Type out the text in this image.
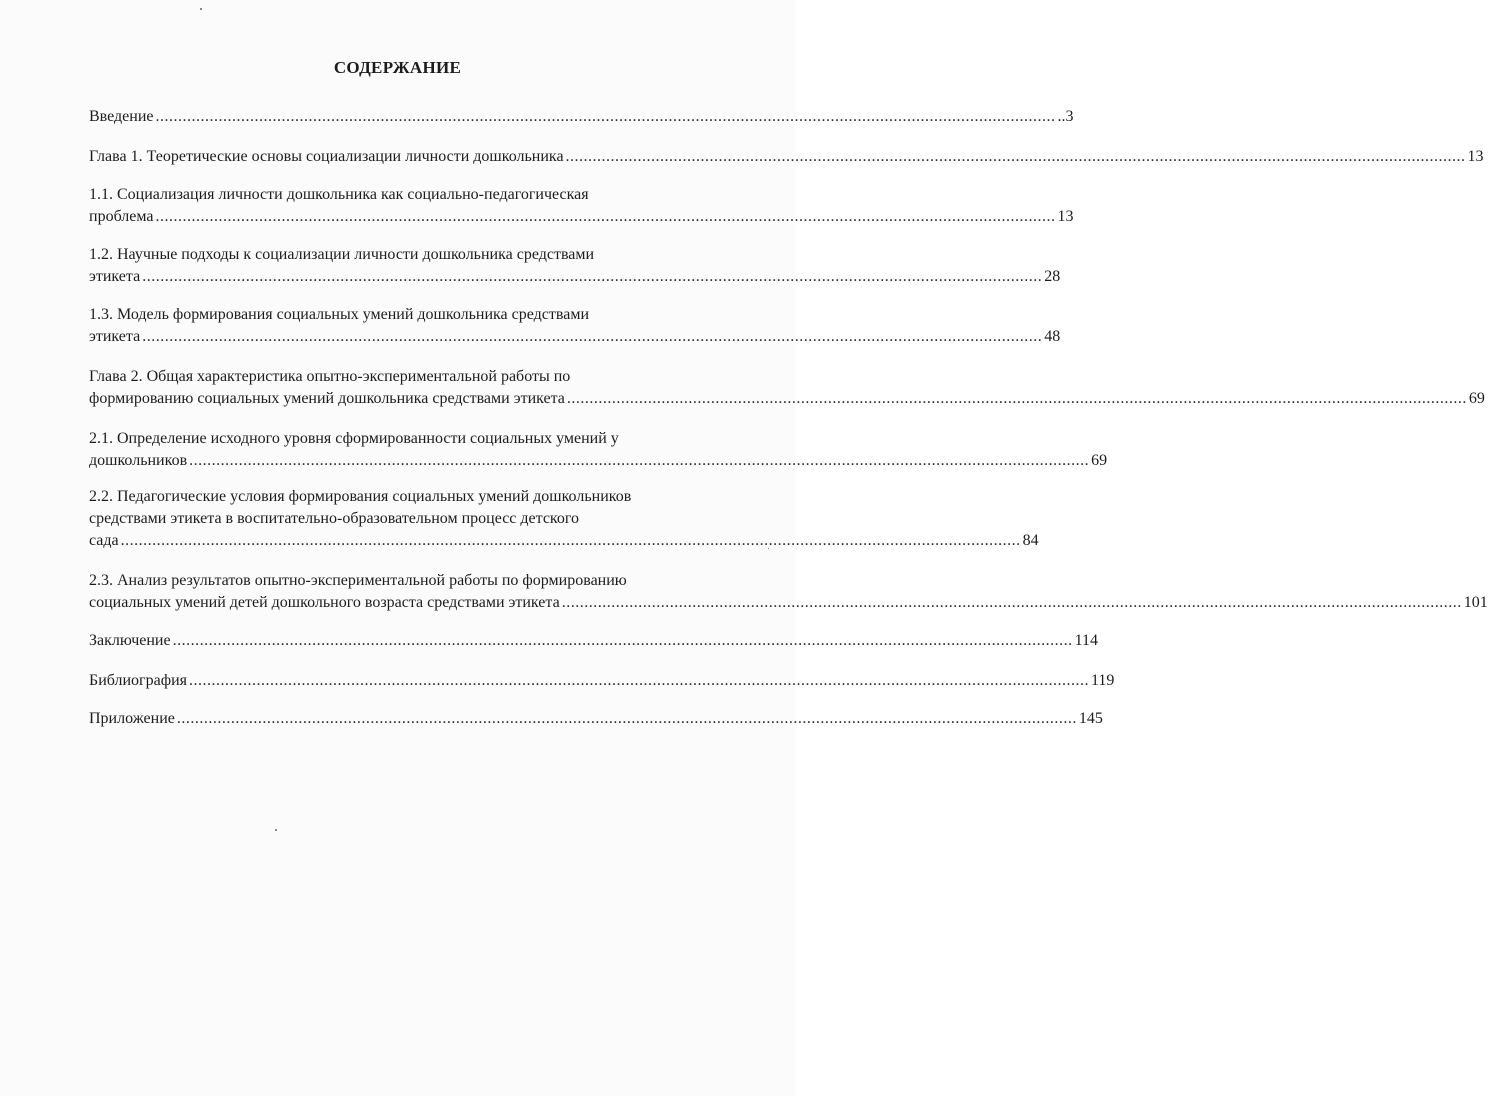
СОДЕРЖАНИЕ
Введение ........................................................................................................................................................................................................ ..3
Глава 1. Теоретические основы социализации личности дошкольника ........................................................................................................................................................................................................ 13
1.1. Социализация личности дошкольника как социально-педагогическая
проблема ........................................................................................................................................................................................................ 13
1.2. Научные подходы к социализации личности дошкольника средствами
этикета ........................................................................................................................................................................................................ 28
1.3. Модель формирования социальных умений дошкольника средствами
этикета ........................................................................................................................................................................................................ 48
Глава 2. Общая характеристика опытно-экспериментальной работы по
формированию социальных умений дошкольника средствами этикета ........................................................................................................................................................................................................ 69
2.1. Определение исходного уровня сформированности социальных умений у
дошкольников ........................................................................................................................................................................................................ 69
2.2. Педагогические условия формирования социальных умений дошкольников
средствами этикета в воспитательно-образовательном процесс детского
сада ........................................................................................................................................................................................................ 84
2.3. Анализ результатов опытно-экспериментальной работы по формированию
социальных умений детей дошкольного возраста средствами этикета ........................................................................................................................................................................................................ 101
Заключение ........................................................................................................................................................................................................ 114
Библиография ........................................................................................................................................................................................................ 119
Приложение ........................................................................................................................................................................................................ 145
